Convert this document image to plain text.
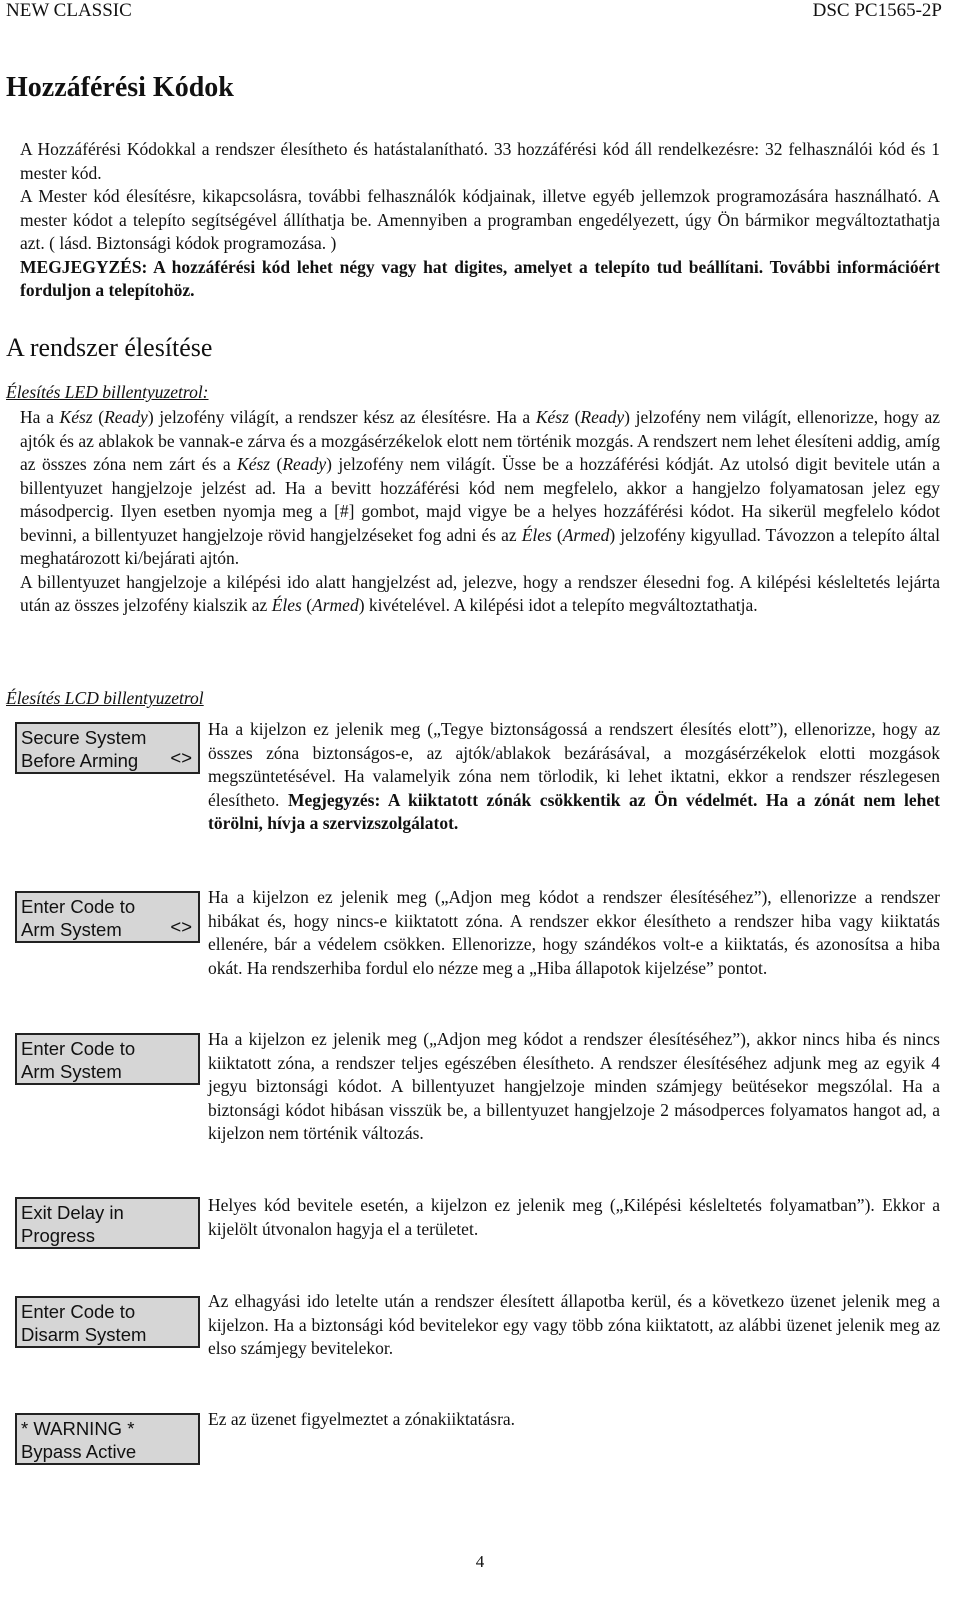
NEW CLASSIC	DSC PC1565-2P
Hozzáférési Kódok
A Hozzáférési Kódokkal a rendszer élesítheto és hatástalanítható. 33 hozzáférési kód áll rendelkezésre: 32 felhasználói kód és 1 mester kód.
A Mester kód élesítésre, kikapcsolásra, további felhasználók kódjainak, illetve egyéb jellemzok programozására használható. A mester kódot a telepíto segítségével állíthatja be. Amennyiben a programban engedélyezett, úgy Ön bármikor megváltoztathatja azt. ( lásd. Biztonsági kódok programozása. )
MEGJEGYZÉS: A hozzáférési kód lehet négy vagy hat digites, amelyet a telepíto tud beállítani. További információért forduljon a telepítohöz.
A rendszer élesítése
Élesítés LED billentyuzetrol:
Ha a Kész (Ready) jelzofény világít, a rendszer kész az élesítésre. Ha a Kész (Ready) jelzofény nem világít, ellenorizze, hogy az ajtók és az ablakok be vannak-e zárva és a mozgásérzékelok elott nem történik mozgás. A rendszert nem lehet élesíteni addig, amíg az összes zóna nem zárt és a Kész (Ready) jelzofény nem világít. Üsse be a hozzáférési kódját. Az utolsó digit bevitele után a billentyuzet hangjelzoje jelzést ad. Ha a bevitt hozzáférési kód nem megfelelo, akkor a hangjelzo folyamatosan jelez egy másodpercig. Ilyen esetben nyomja meg a [#] gombot, majd vigye be a helyes hozzáférési kódot. Ha sikerül megfelelo kódot bevinni, a billentyuzet hangjelzoje rövid hangjelzéseket fog adni és az Éles (Armed) jelzofény kigyullad. Távozzon a telepíto által meghatározott ki/bejárati ajtón.
A billentyuzet hangjelzoje a kilépési ido alatt hangjelzést ad, jelezve, hogy a rendszer élesedni fog. A kilépési késleltetés lejárta után az összes jelzofény kialszik az Éles (Armed) kivételével. A kilépési idot a telepíto megváltoztathatja.
Élesítés LCD billentyuzetrol
Secure System
Before Arming	<>
Ha a kijelzon ez jelenik meg („Tegye biztonságossá a rendszert élesítés elott”), ellenorizze, hogy az összes zóna biztonságos-e, az ajtók/ablakok bezárásával, a mozgásérzékelok elotti mozgások megszüntetésével. Ha valamelyik zóna nem törlodik, ki lehet iktatni, ekkor a rendszer részlegesen élesítheto. Megjegyzés: A kiiktatott zónák csökkentik az Ön védelmét. Ha a zónát nem lehet törölni, hívja a szervizszolgálatot.
Enter Code to
Arm System	<>
Ha a kijelzon ez jelenik meg („Adjon meg kódot a rendszer élesítéséhez”), ellenorizze a rendszer hibákat és, hogy nincs-e kiiktatott zóna. A rendszer ekkor élesítheto a rendszer hiba vagy kiiktatás ellenére, bár a védelem csökken. Ellenorizze, hogy szándékos volt-e a kiiktatás, és azonosítsa a hiba okát. Ha rendszerhiba fordul elo nézze meg a „Hiba állapotok kijelzése” pontot.
Enter Code to
Arm System
Ha a kijelzon ez jelenik meg („Adjon meg kódot a rendszer élesítéséhez”), akkor nincs hiba és nincs kiiktatott zóna, a rendszer teljes egészében élesítheto. A rendszer élesítéséhez adjunk meg az egyik 4 jegyu biztonsági kódot. A billentyuzet hangjelzoje minden számjegy beütésekor megszólal. Ha a biztonsági kódot hibásan visszük be, a billentyuzet hangjelzoje 2 másodperces folyamatos hangot ad, a kijelzon nem történik változás.
Exit Delay in
Progress
Helyes kód bevitele esetén, a kijelzon ez jelenik meg („Kilépési késleltetés folyamatban”). Ekkor a kijelölt útvonalon hagyja el a területet.
Enter Code to
Disarm System
Az elhagyási ido letelte után a rendszer élesített állapotba kerül, és a következo üzenet jelenik meg a kijelzon. Ha a biztonsági kód bevitelekor egy vagy több zóna kiiktatott, az alábbi üzenet jelenik meg az elso számjegy bevitelekor.
* WARNING *
Bypass Active
Ez az üzenet figyelmeztet a zónakiiktatásra.
4
